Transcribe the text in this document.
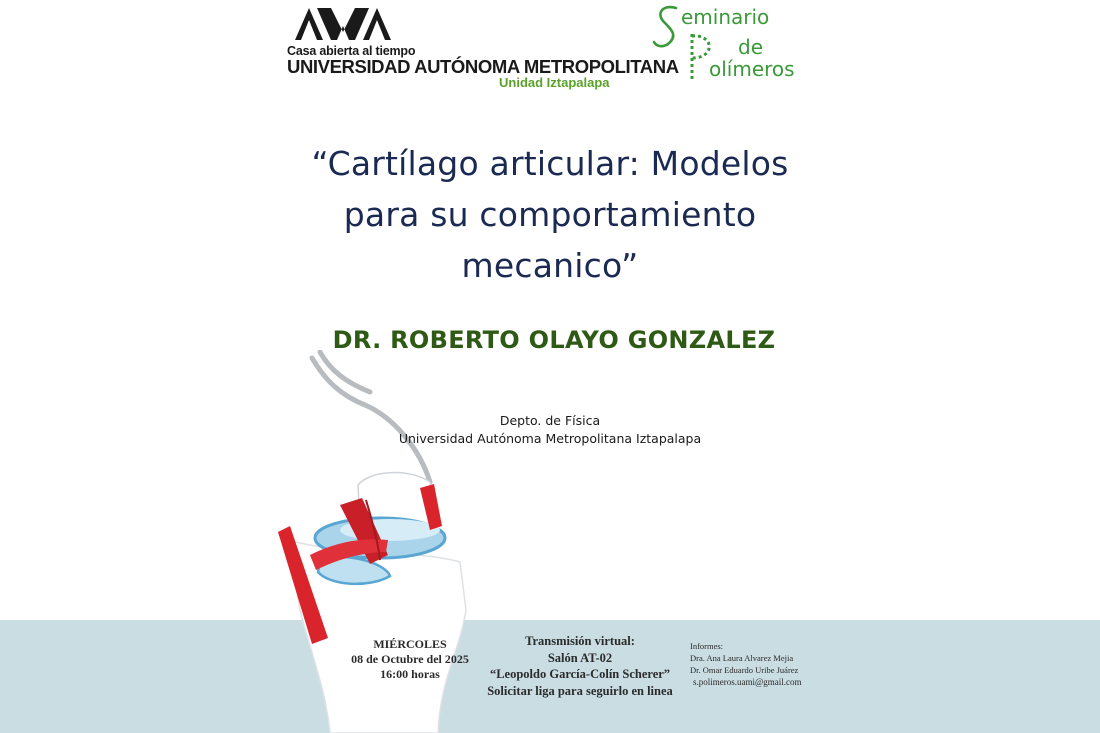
Casa abierta al tiempo
UNIVERSIDAD AUTÓNOMA METROPOLITANA
Unidad Iztapalapa
eminario
de
olímeros
“Cartílago articular: Modelos
para su comportamiento
mecanico”
DR. ROBERTO OLAYO GONZALEZ
Depto. de Física
Universidad Autónoma Metropolitana Iztapalapa
MIÉRCOLES
08 de Octubre del 2025
16:00 horas
Transmisión virtual:
Salón AT-02
“Leopoldo García-Colín Scherer”
Solicitar liga para seguirlo en linea
Informes:
Dra. Ana Laura Alvarez Mejia
Dr. Omar Eduardo Uribe Juárez
s.polimeros.uami@gmail.com
